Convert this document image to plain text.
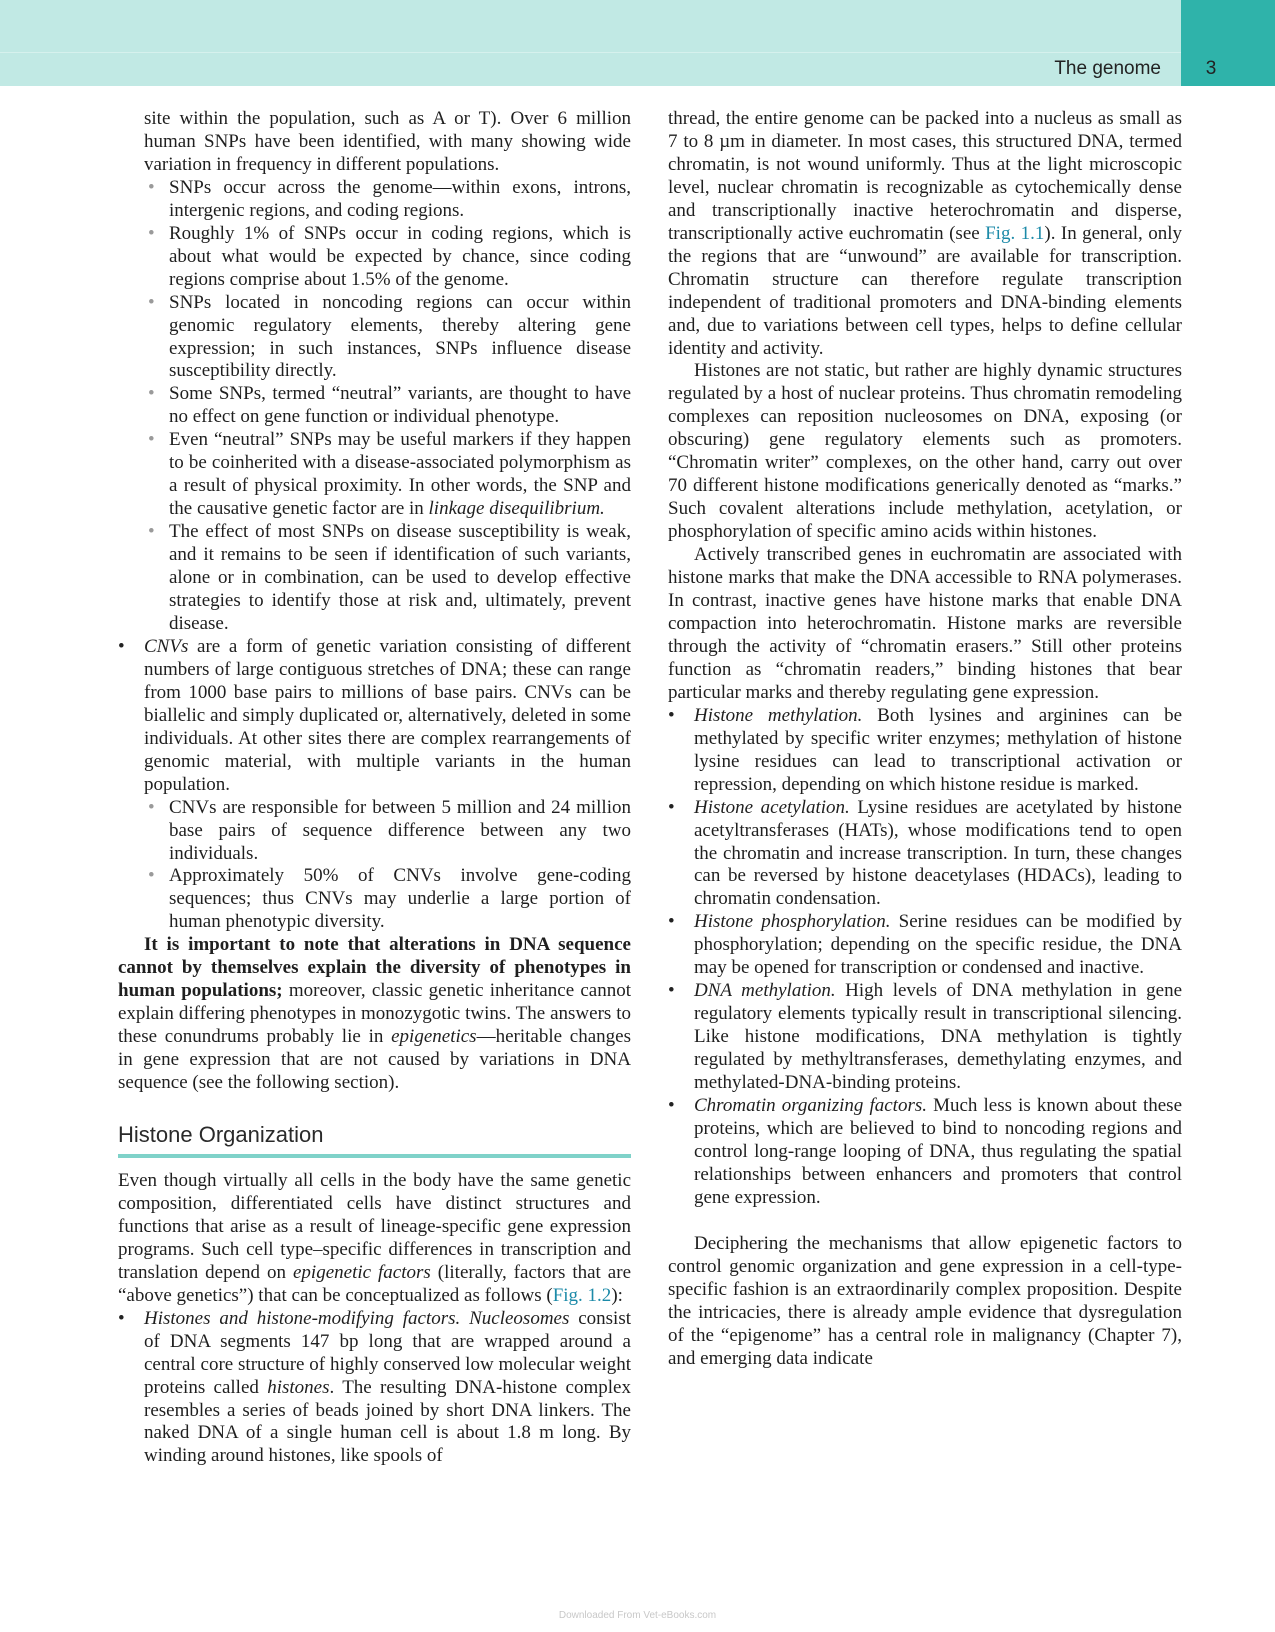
The genome	3

site within the population, such as A or T). Over 6 million human SNPs have been identified, with many showing wide variation in frequency in different populations.

• SNPs occur across the genome—within exons, introns, intergenic regions, and coding regions.
• Roughly 1% of SNPs occur in coding regions, which is about what would be expected by chance, since coding regions comprise about 1.5% of the genome.
• SNPs located in noncoding regions can occur within genomic regulatory elements, thereby altering gene expression; in such instances, SNPs influence disease susceptibility directly.
• Some SNPs, termed “neutral” variants, are thought to have no effect on gene function or individual phenotype.
• Even “neutral” SNPs may be useful markers if they happen to be coinherited with a disease-associated polymorphism as a result of physical proximity. In other words, the SNP and the causative genetic factor are in linkage disequilibrium.
• The effect of most SNPs on disease susceptibility is weak, and it remains to be seen if identification of such variants, alone or in combination, can be used to develop effective strategies to identify those at risk and, ultimately, prevent disease.
• CNVs are a form of genetic variation consisting of different numbers of large contiguous stretches of DNA; these can range from 1000 base pairs to millions of base pairs. CNVs can be biallelic and simply duplicated or, alternatively, deleted in some individuals. At other sites there are complex rearrangements of genomic material, with multiple variants in the human population.
• CNVs are responsible for between 5 million and 24 million base pairs of sequence difference between any two individuals.
• Approximately 50% of CNVs involve gene-coding sequences; thus CNVs may underlie a large portion of human phenotypic diversity.

It is important to note that alterations in DNA sequence cannot by themselves explain the diversity of phenotypes in human populations; moreover, classic genetic inheritance cannot explain differing phenotypes in monozygotic twins. The answers to these conundrums probably lie in epigenetics—heritable changes in gene expression that are not caused by variations in DNA sequence (see the following section).

Histone Organization

Even though virtually all cells in the body have the same genetic composition, differentiated cells have distinct structures and functions that arise as a result of lineage-specific gene expression programs. Such cell type–specific differences in transcription and translation depend on epigenetic factors (literally, factors that are “above genetics”) that can be conceptualized as follows (Fig. 1.2):

• Histones and histone-modifying factors. Nucleosomes consist of DNA segments 147 bp long that are wrapped around a central core structure of highly conserved low molecular weight proteins called histones. The resulting DNA-histone complex resembles a series of beads joined by short DNA linkers. The naked DNA of a single human cell is about 1.8 m long. By winding around histones, like spools of

thread, the entire genome can be packed into a nucleus as small as 7 to 8 µm in diameter. In most cases, this structured DNA, termed chromatin, is not wound uniformly. Thus at the light microscopic level, nuclear chromatin is recognizable as cytochemically dense and transcriptionally inactive heterochromatin and disperse, transcriptionally active euchromatin (see Fig. 1.1). In general, only the regions that are “unwound” are available for transcription. Chromatin structure can therefore regulate transcription independent of traditional promoters and DNA-binding elements and, due to variations between cell types, helps to define cellular identity and activity.

Histones are not static, but rather are highly dynamic structures regulated by a host of nuclear proteins. Thus chromatin remodeling complexes can reposition nucleosomes on DNA, exposing (or obscuring) gene regulatory elements such as promoters. “Chromatin writer” complexes, on the other hand, carry out over 70 different histone modifications generically denoted as “marks.” Such covalent alterations include methylation, acetylation, or phosphorylation of specific amino acids within histones.

Actively transcribed genes in euchromatin are associated with histone marks that make the DNA accessible to RNA polymerases. In contrast, inactive genes have histone marks that enable DNA compaction into heterochromatin. Histone marks are reversible through the activity of “chromatin erasers.” Still other proteins function as “chromatin readers,” binding histones that bear particular marks and thereby regulating gene expression.

• Histone methylation. Both lysines and arginines can be methylated by specific writer enzymes; methylation of histone lysine residues can lead to transcriptional activation or repression, depending on which histone residue is marked.
• Histone acetylation. Lysine residues are acetylated by histone acetyltransferases (HATs), whose modifications tend to open the chromatin and increase transcription. In turn, these changes can be reversed by histone deacetylases (HDACs), leading to chromatin condensation.
• Histone phosphorylation. Serine residues can be modified by phosphorylation; depending on the specific residue, the DNA may be opened for transcription or condensed and inactive.
• DNA methylation. High levels of DNA methylation in gene regulatory elements typically result in transcriptional silencing. Like histone modifications, DNA methylation is tightly regulated by methyltransferases, demethylating enzymes, and methylated-DNA-binding proteins.
• Chromatin organizing factors. Much less is known about these proteins, which are believed to bind to noncoding regions and control long-range looping of DNA, thus regulating the spatial relationships between enhancers and promoters that control gene expression.

Deciphering the mechanisms that allow epigenetic factors to control genomic organization and gene expression in a cell-type-specific fashion is an extraordinarily complex proposition. Despite the intricacies, there is already ample evidence that dysregulation of the “epigenome” has a central role in malignancy (Chapter 7), and emerging data indicate

Downloaded From Vet-eBooks.com
